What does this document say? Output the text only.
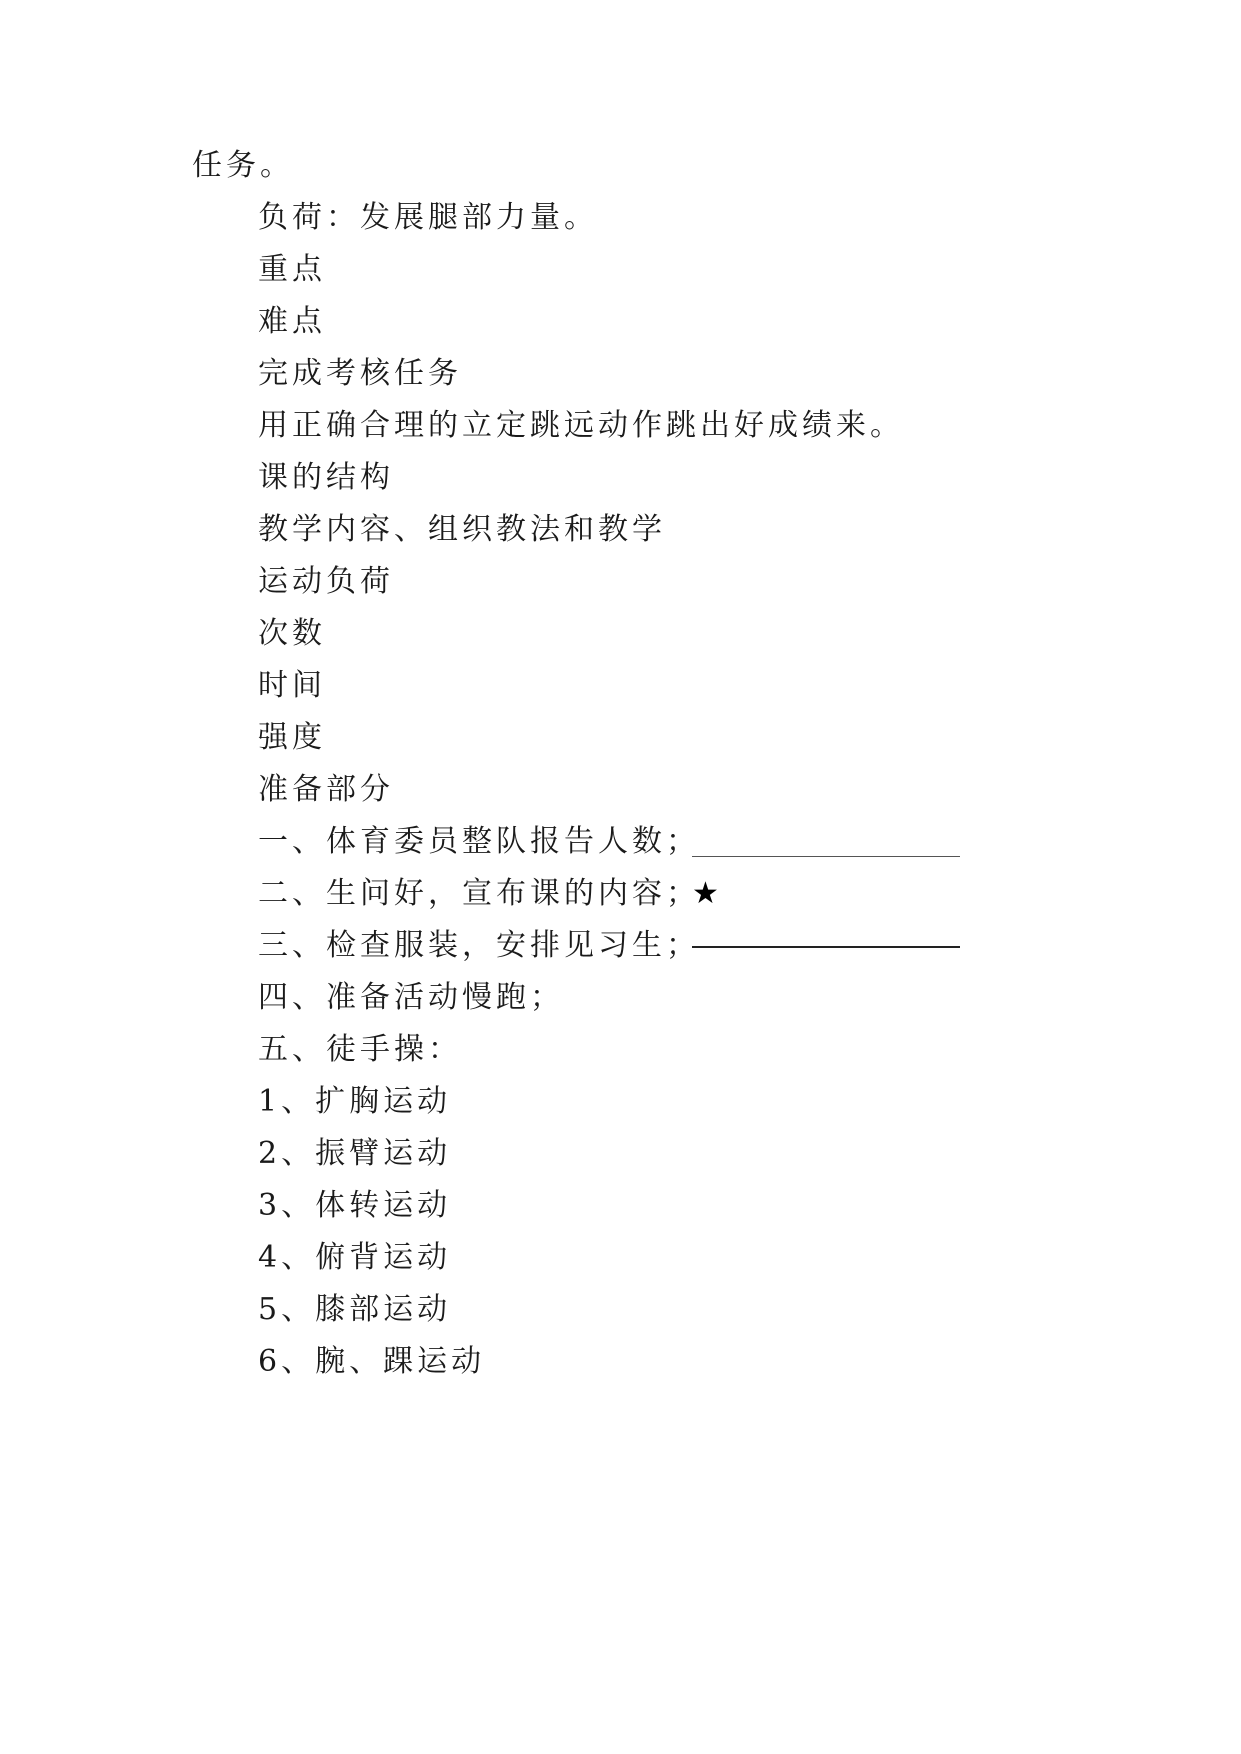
任务。
负荷：发展腿部力量。
重点
难点
完成考核任务
用正确合理的立定跳远动作跳出好成绩来。
课的结构
教学内容、组织教法和教学
运动负荷
次数
时间
强度
准备部分
一、体育委员整队报告人数；
二、生问好，宣布课的内容；
★
三、检查服装，安排见习生；
四、准备活动慢跑；
五、徒手操：
1、扩胸运动
2、振臂运动
3、体转运动
4、俯背运动
5、膝部运动
6、腕、踝运动
